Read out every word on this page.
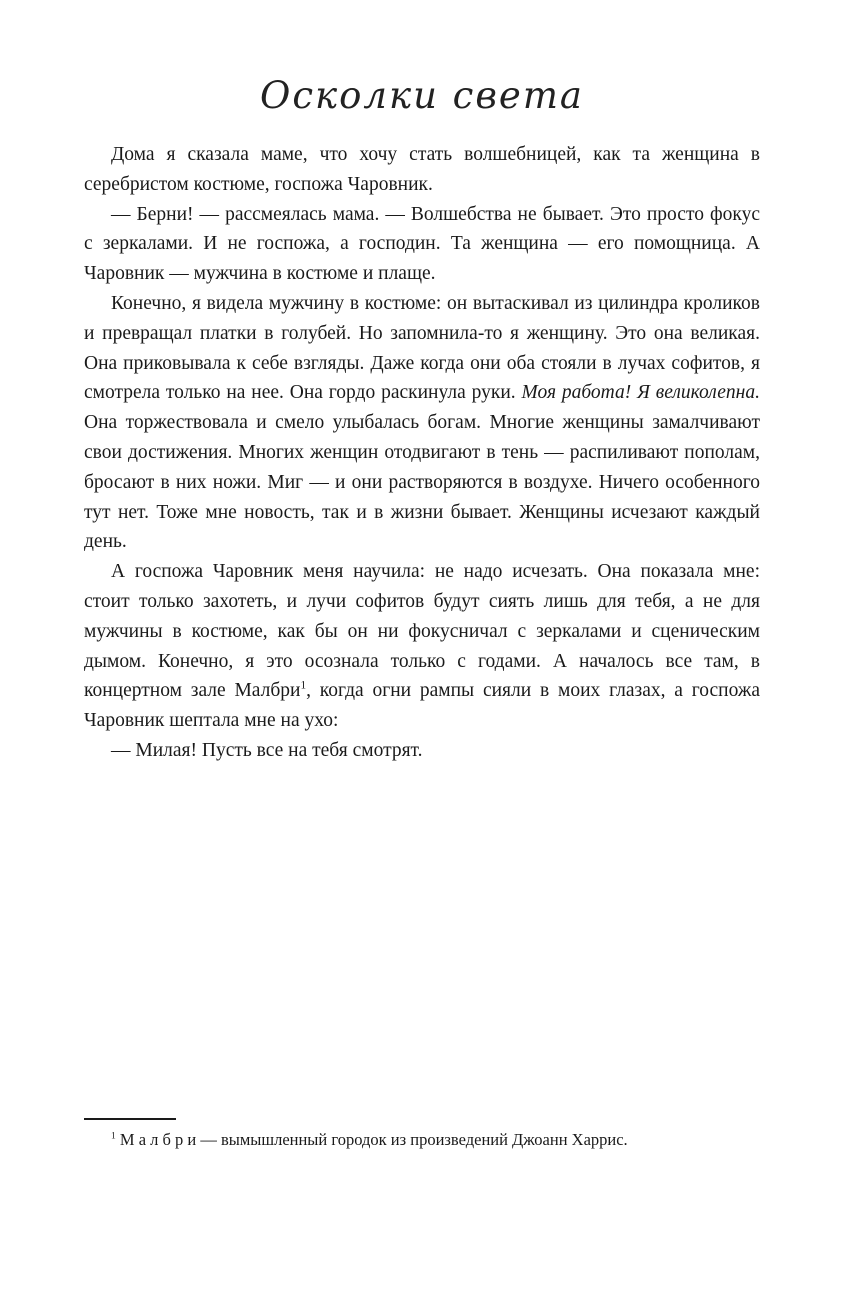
Осколки света

Дома я сказала маме, что хочу стать волшебницей, как та женщина в серебристом костюме, госпожа Чаровник.

— Берни! — рассмеялась мама. — Волшебства не бывает. Это просто фокус с зеркалами. И не госпожа, а господин. Та женщина — его помощница. А Чаровник — мужчина в костюме и плаще.

Конечно, я видела мужчину в костюме: он вытаскивал из цилиндра кроликов и превращал платки в голубей. Но запомнила-то я женщину. Это она великая. Она приковывала к себе взгляды. Даже когда они оба стояли в лучах софитов, я смотрела только на нее. Она гордо раскинула руки. Моя работа! Я великолепна. Она торжествовала и смело улыбалась богам. Многие женщины замалчивают свои достижения. Многих женщин отодвигают в тень — распиливают пополам, бросают в них ножи. Миг — и они растворяются в воздухе. Ничего особенного тут нет. Тоже мне новость, так и в жизни бывает. Женщины исчезают каждый день.

А госпожа Чаровник меня научила: не надо исчезать. Она показала мне: стоит только захотеть, и лучи софитов будут сиять лишь для тебя, а не для мужчины в костюме, как бы он ни фокусничал с зеркалами и сценическим дымом. Конечно, я это осознала только с годами. А началось все там, в концертном зале Малбри$^1$, когда огни рампы сияли в моих глазах, а госпожа Чаровник шептала мне на ухо:

— Милая! Пусть все на тебя смотрят.

$^1$ М а л б р и — вымышленный городок из произведений Джоанн Харрис.
